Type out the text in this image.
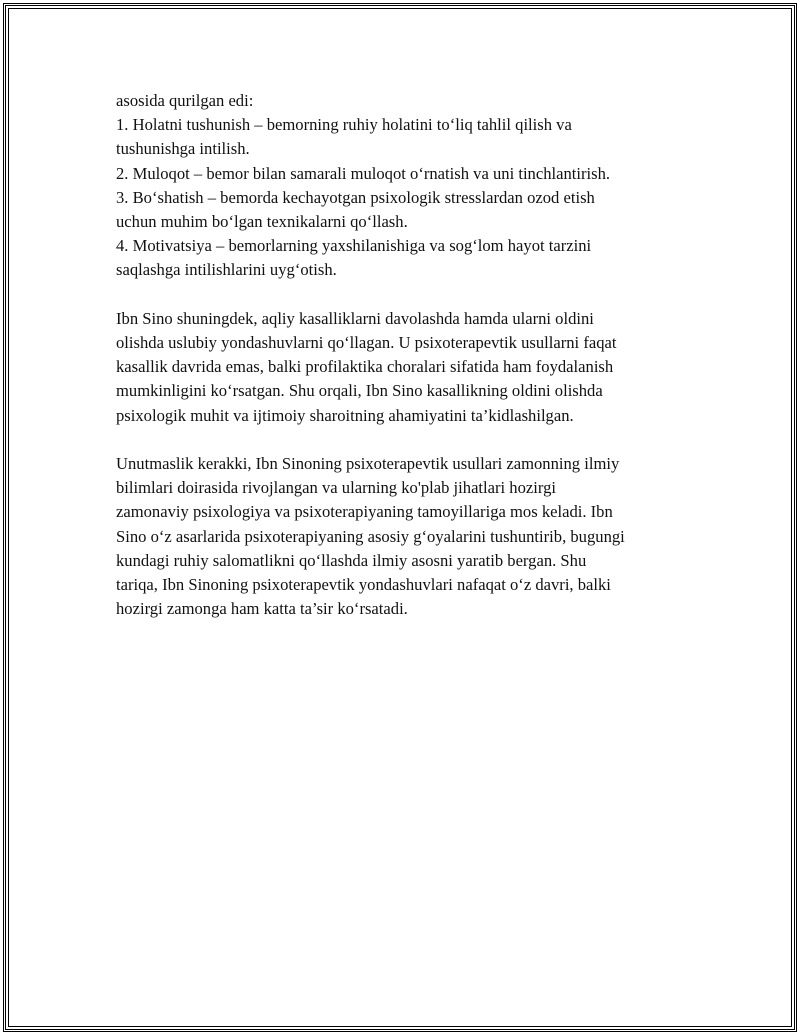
asosida qurilgan edi:
1. Holatni tushunish – bemorning ruhiy holatini to‘liq tahlil qilish va
tushunishga intilish.
2. Muloqot – bemor bilan samarali muloqot o‘rnatish va uni tinchlantirish.
3. Bo‘shatish – bemorda kechayotgan psixologik stresslardan ozod etish
uchun muhim bo‘lgan texnikalarni qo‘llash.
4. Motivatsiya – bemorlarning yaxshilanishiga va sog‘lom hayot tarzini
saqlashga intilishlarini uyg‘otish.
Ibn Sino shuningdek, aqliy kasalliklarni davolashda hamda ularni oldini
olishda uslubiy yondashuvlarni qo‘llagan. U psixoterapevtik usullarni faqat
kasallik davrida emas, balki profilaktika choralari sifatida ham foydalanish
mumkinligini ko‘rsatgan. Shu orqali, Ibn Sino kasallikning oldini olishda
psixologik muhit va ijtimoiy sharoitning ahamiyatini ta’kidlashilgan.
Unutmaslik kerakki, Ibn Sinoning psixoterapevtik usullari zamonning ilmiy
bilimlari doirasida rivojlangan va ularning ko'plab jihatlari hozirgi
zamonaviy psixologiya va psixoterapiyaning tamoyillariga mos keladi. Ibn
Sino o‘z asarlarida psixoterapiyaning asosiy g‘oyalarini tushuntirib, bugungi
kundagi ruhiy salomatlikni qo‘llashda ilmiy asosni yaratib bergan. Shu
tariqa, Ibn Sinoning psixoterapevtik yondashuvlari nafaqat o‘z davri, balki
hozirgi zamonga ham katta ta’sir ko‘rsatadi.
